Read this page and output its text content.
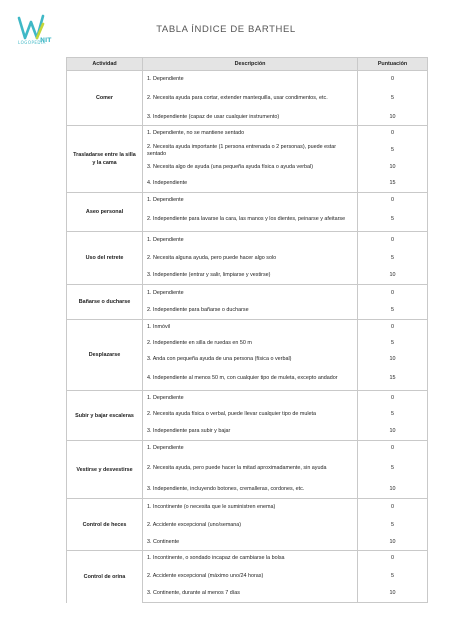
NIT
LOGOPEDIA
TABLA ÍNDICE DE BARTHEL
Actividad	Descripción	Puntuación
Comer	1. Dependiente	0
	2. Necesita ayuda para cortar, extender mantequilla, usar condimentos, etc.	5
	3. Independiente (capaz de usar cualquier instrumento)	10
Trasladarse entre la silla y la cama	1. Dependiente, no se mantiene sentado	0
	2. Necesita ayuda importante (1 persona entrenada o 2 personas), puede estar sentado	5
	3. Necesita algo de ayuda (una pequeña ayuda física o ayuda verbal)	10
	4. Independiente	15
Aseo personal	1. Dependiente	0
	2. Independiente para lavarse la cara, las manos y los dientes, peinarse y afeitarse	5
Uso del retrete	1. Dependiente	0
	2. Necesita alguna ayuda, pero puede hacer algo solo	5
	3. Independiente (entrar y salir, limpiarse y vestirse)	10
Bañarse o ducharse	1. Dependiente	0
	2. Independiente para bañarse o ducharse	5
Desplazarse	1. Inmóvil	0
	2. Independiente en silla de ruedas en 50 m	5
	3. Anda con pequeña ayuda de una persona (física o verbal)	10
	4. Independiente al menos 50 m, con cualquier tipo de muleta, excepto andador	15
Subir y bajar escaleras	1. Dependiente	0
	2. Necesita ayuda física o verbal, puede llevar cualquier tipo de muleta	5
	3. Independiente para subir y bajar	10
Vestirse y desvestirse	1. Dependiente	0
	2. Necesita ayuda, pero puede hacer la mitad aproximadamente, sin ayuda	5
	3. Independiente, incluyendo botones, cremalleras, cordones, etc.	10
Control de heces	1. Incontinente (o necesita que le suministren enema)	0
	2. Accidente excepcional (uno/semana)	5
	3. Continente	10
Control de orina	1. Incontinente, o sondado incapaz de cambiarse la bolsa	0
	2. Accidente excepcional (máximo uno/24 horas)	5
	3. Continente, durante al menos 7 días	10
